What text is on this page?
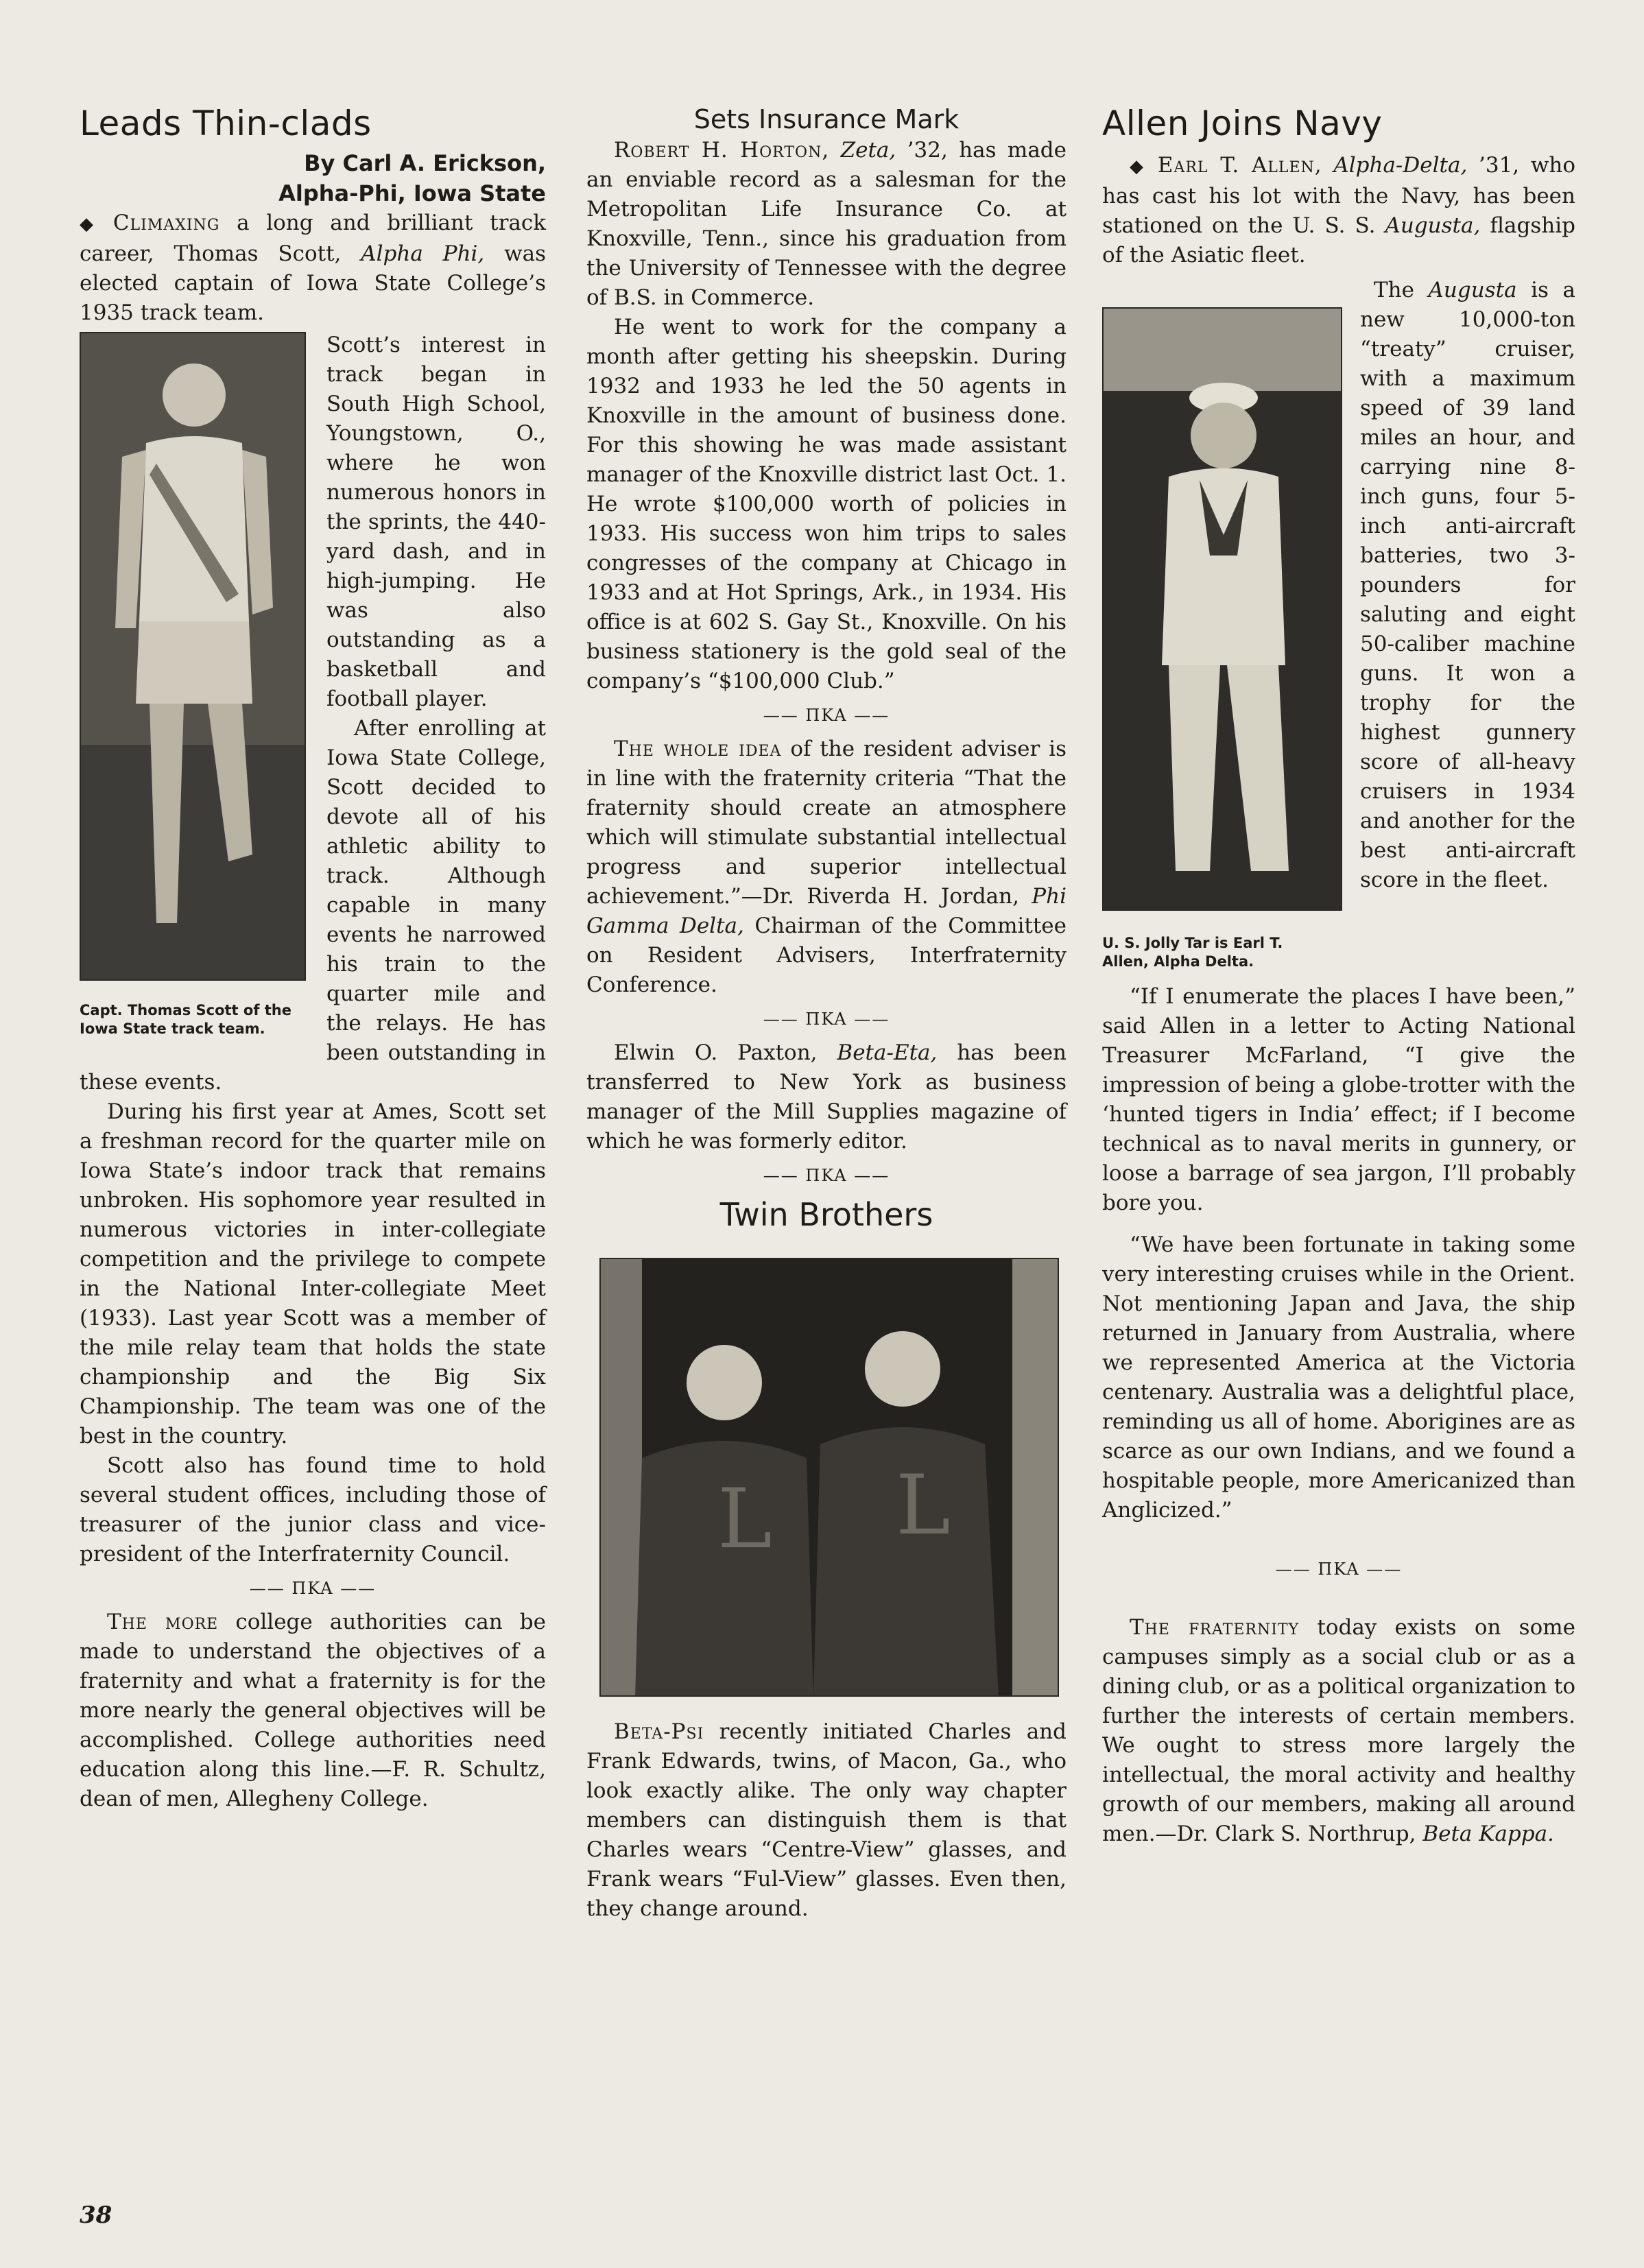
Leads Thin-clads
By Carl A. Erickson,
Alpha-Phi, Iowa State

◆ Climaxing a long and brilliant track career, Thomas Scott, Alpha Phi, was elected captain of Iowa State College’s 1935 track team.

Capt. Thomas Scott of the Iowa State track team.

Scott’s interest in track began in South High School, Youngstown, O., where he won numerous honors in the sprints, the 440-yard dash, and in high-jumping. He was also outstanding as a basketball and football player.

After enrolling at Iowa State College, Scott decided to devote all of his athletic ability to track. Although capable in many events he narrowed his train to the quarter mile and the relays. He has been outstanding in these events.

During his first year at Ames, Scott set a freshman record for the quarter mile on Iowa State’s indoor track that remains unbroken. His sophomore year resulted in numerous victories in inter-collegiate competition and the privilege to compete in the National Inter-collegiate Meet (1933). Last year Scott was a member of the mile relay team that holds the state championship and the Big Six Championship. The team was one of the best in the country.

Scott also has found time to hold several student offices, including those of treasurer of the junior class and vice-president of the Interfraternity Council.

—— ΠKA ——

The more college authorities can be made to understand the objectives of a fraternity and what a fraternity is for the more nearly the general objectives will be accomplished. College authorities need education along this line.—F. R. Schultz, dean of men, Allegheny College.

Sets Insurance Mark

Robert H. Horton, Zeta, ’32, has made an enviable record as a salesman for the Metropolitan Life Insurance Co. at Knoxville, Tenn., since his graduation from the University of Tennessee with the degree of B.S. in Commerce.

He went to work for the company a month after getting his sheepskin. During 1932 and 1933 he led the 50 agents in Knoxville in the amount of business done. For this showing he was made assistant manager of the Knoxville district last Oct. 1. He wrote $100,000 worth of policies in 1933. His success won him trips to sales congresses of the company at Chicago in 1933 and at Hot Springs, Ark., in 1934. His office is at 602 S. Gay St., Knoxville. On his business stationery is the gold seal of the company’s “$100,000 Club.”

—— ΠKA ——

The whole idea of the resident adviser is in line with the fraternity criteria “That the fraternity should create an atmosphere which will stimulate substantial intellectual progress and superior intellectual achievement.”—Dr. Riverda H. Jordan, Phi Gamma Delta, Chairman of the Committee on Resident Advisers, Interfraternity Conference.

—— ΠKA ——

Elwin O. Paxton, Beta-Eta, has been transferred to New York as business manager of the Mill Supplies magazine of which he was formerly editor.

—— ΠKA ——
Twin Brothers
L L

Beta-Psi recently initiated Charles and Frank Edwards, twins, of Macon, Ga., who look exactly alike. The only way chapter members can distinguish them is that Charles wears “Centre-View” glasses, and Frank wears “Ful-View” glasses. Even then, they change around.

Allen Joins Navy

◆ Earl T. Allen, Alpha-Delta, ’31, who has cast his lot with the Navy, has been stationed on the U. S. S. Augusta, flagship of the Asiatic fleet.

U. S. Jolly Tar is Earl T. Allen, Alpha Delta.

The Augusta is a new 10,000-ton “treaty” cruiser, with a maximum speed of 39 land miles an hour, and carrying nine 8-inch guns, four 5-inch anti-aircraft batteries, two 3-pounders for saluting and eight 50-caliber machine guns. It won a trophy for the highest gunnery score of all-heavy cruisers in 1934 and another for the best anti-aircraft score in the fleet.

“If I enumerate the places I have been,” said Allen in a letter to Acting National Treasurer McFarland, “I give the impression of being a globe-trotter with the ‘hunted tigers in India’ effect; if I become technical as to naval merits in gunnery, or loose a barrage of sea jargon, I’ll probably bore you.

“We have been fortunate in taking some very interesting cruises while in the Orient. Not mentioning Japan and Java, the ship returned in January from Australia, where we represented America at the Victoria centenary. Australia was a delightful place, reminding us all of home. Aborigines are as scarce as our own Indians, and we found a hospitable people, more Americanized than Anglicized.”

—— ΠKA ——

The fraternity today exists on some campuses simply as a social club or as a dining club, or as a political organization to further the interests of certain members. We ought to stress more largely the intellectual, the moral activity and healthy growth of our members, making all around men.—Dr. Clark S. Northrup, Beta Kappa.

38
